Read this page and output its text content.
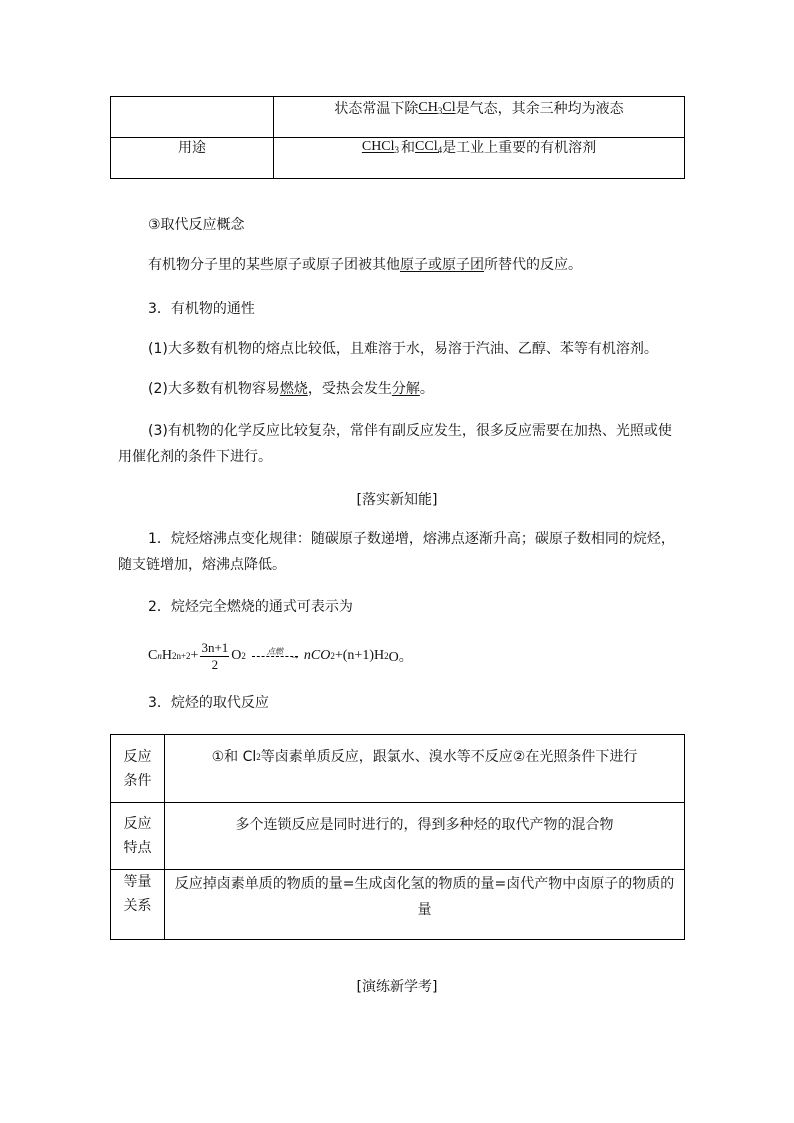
状态常温下除 $CH_3Cl$ 是气态，其余三种均为液态
用途	CHCl$_3$ 和 CCl$_4$ 是工业上重要的有机溶剂
③取代反应概念
有机物分子里的某些原子或原子团被其他原子或原子团所替代的反应。
3．有机物的通性
(1)大多数有机物的熔点比较低，且难溶于水，易溶于汽油、乙醇、苯等有机溶剂。
(2)大多数有机物容易燃烧，受热会发生分解。
(3)有机物的化学反应比较复杂，常伴有副反应发生，很多反应需要在加热、光照或使
用催化剂的条件下进行。
[落实新知能]
1．烷烃熔沸点变化规律：随碳原子数递增，熔沸点逐渐升高；碳原子数相同的烷烃，
随支链增加，熔沸点降低。
2．烷烃完全燃烧的通式可表示为
C n H $2n+2 + \frac{3n+1}{2}$ O 2	点燃 → nCO 2 +(n+1)H 2 O。
3．烷烃的取代反应
反应
条件
①和 Cl 2 等卤素单质反应，跟氯水、溴水等不反应②在光照条件下进行
反应
特点
多个连锁反应是同时进行的，得到多种烃的取代产物的混合物
等量
关系
反应掉卤素单质的物质的量=生成卤化氢的物质的量=卤代产物中卤原子的物质的
量
[演练新学考]
